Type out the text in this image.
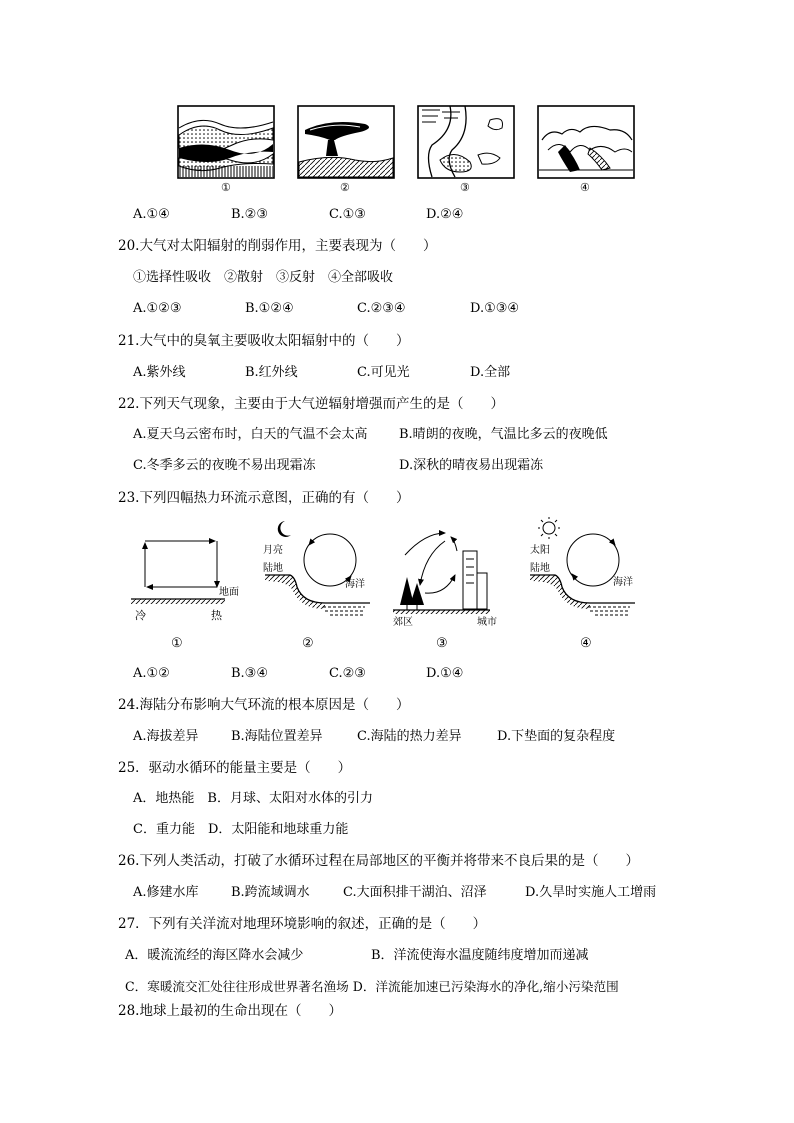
①	②	③	④
A.①④	B.②③	C.①③	D.②④
20.大气对太阳辐射的削弱作用，主要表现为（　　）
①选择性吸收　②散射　③反射　④全部吸收
A.①②③	B.①②④	C.②③④	D.①③④
21.大气中的臭氧主要吸收太阳辐射中的（　　）
A.紫外线	B.红外线	C.可见光	D.全部
22.下列天气现象，主要由于大气逆辐射增强而产生的是（　　）
A.夏天乌云密布时，白天的气温不会太高 B.晴朗的夜晚，气温比多云的夜晚低
C.冬季多云的夜晚不易出现霜冻	D.深秋的晴夜易出现霜冻
23.下列四幅热力环流示意图，正确的有（　　）
地面
冷	热
①
月亮
陆地
海洋
②
郊区	城市
③
太阳
陆地
海洋
④
A.①②	B.③④	C.②③	D.①④
24.海陆分布影响大气环流的根本原因是（　　）
A.海拔差异 B.海陆位置差异	C.海陆的热力差异	D.下垫面的复杂程度
25．驱动水循环的能量主要是（　　）
A．地热能　B．月球、太阳对水体的引力
C．重力能　D．太阳能和地球重力能
26.下列人类活动，打破了水循环过程在局部地区的平衡并将带来不良后果的是（　　）
A.修建水库 B.跨流域调水	C.大面积排干湖泊、沼泽	D.久旱时实施人工增雨
27．下列有关洋流对地理环境影响的叙述，正确的是（　　）
A．暖流流经的海区降水会减少	B．洋流使海水温度随纬度增加而递减
C．寒暖流交汇处往往形成世界著名渔场 D．洋流能加速已污染海水的净化,缩小污染范围
28.地球上最初的生命出现在（　　）
